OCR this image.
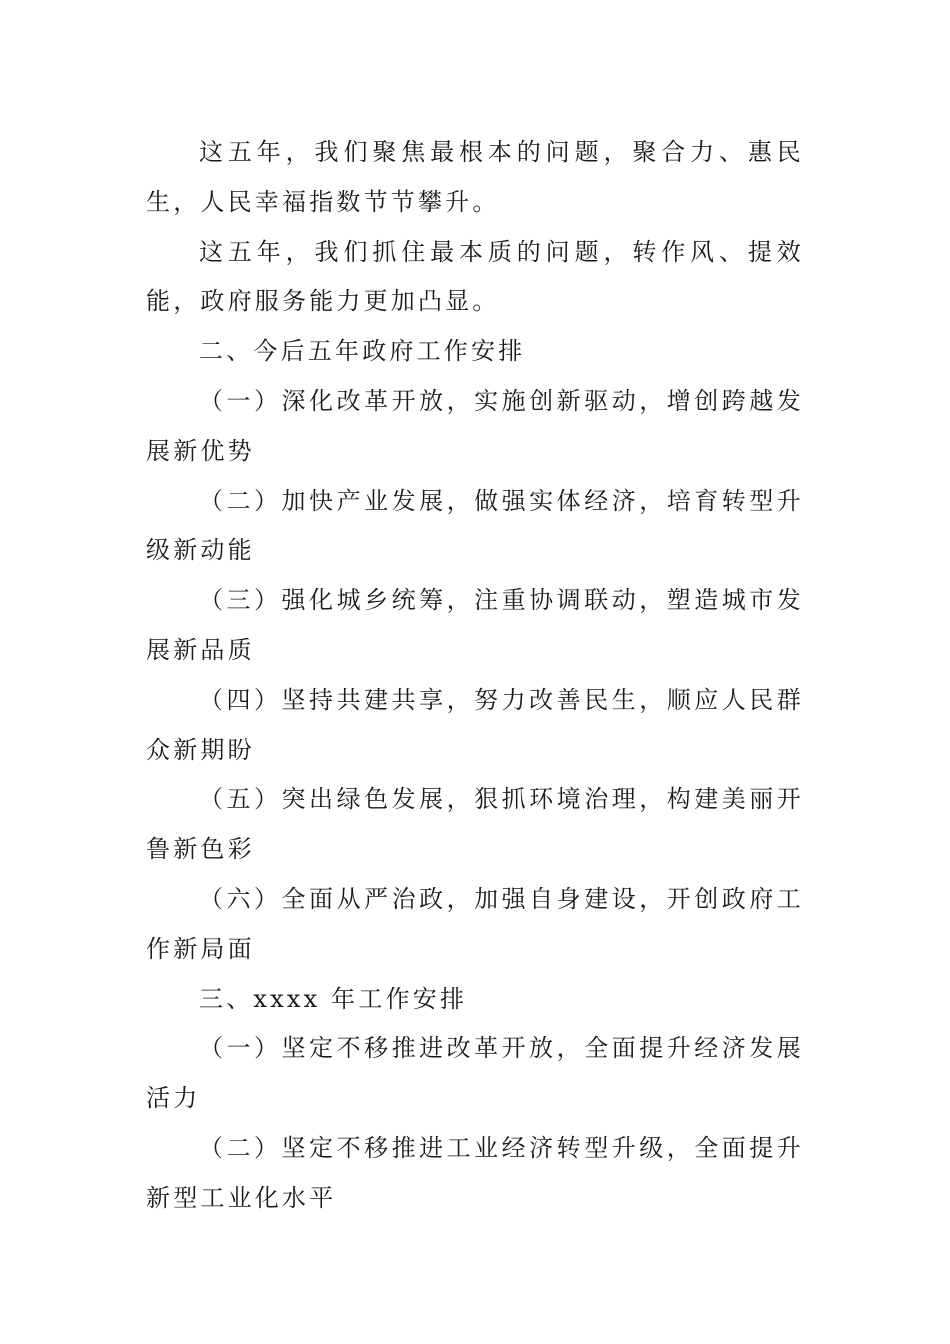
这五年，我们聚焦最根本的问题，聚合力、惠民生，人民幸福指数节节攀升。

这五年，我们抓住最本质的问题，转作风、提效能，政府服务能力更加凸显。

二、今后五年政府工作安排

（一）深化改革开放，实施创新驱动，增创跨越发展新优势

（二）加快产业发展，做强实体经济，培育转型升级新动能

（三）强化城乡统筹，注重协调联动，塑造城市发展新品质

（四）坚持共建共享，努力改善民生，顺应人民群众新期盼

（五）突出绿色发展，狠抓环境治理，构建美丽开鲁新色彩

（六）全面从严治政，加强自身建设，开创政府工作新局面

三、xxxx 年工作安排

（一）坚定不移推进改革开放，全面提升经济发展活力

（二）坚定不移推进工业经济转型升级，全面提升新型工业化水平
